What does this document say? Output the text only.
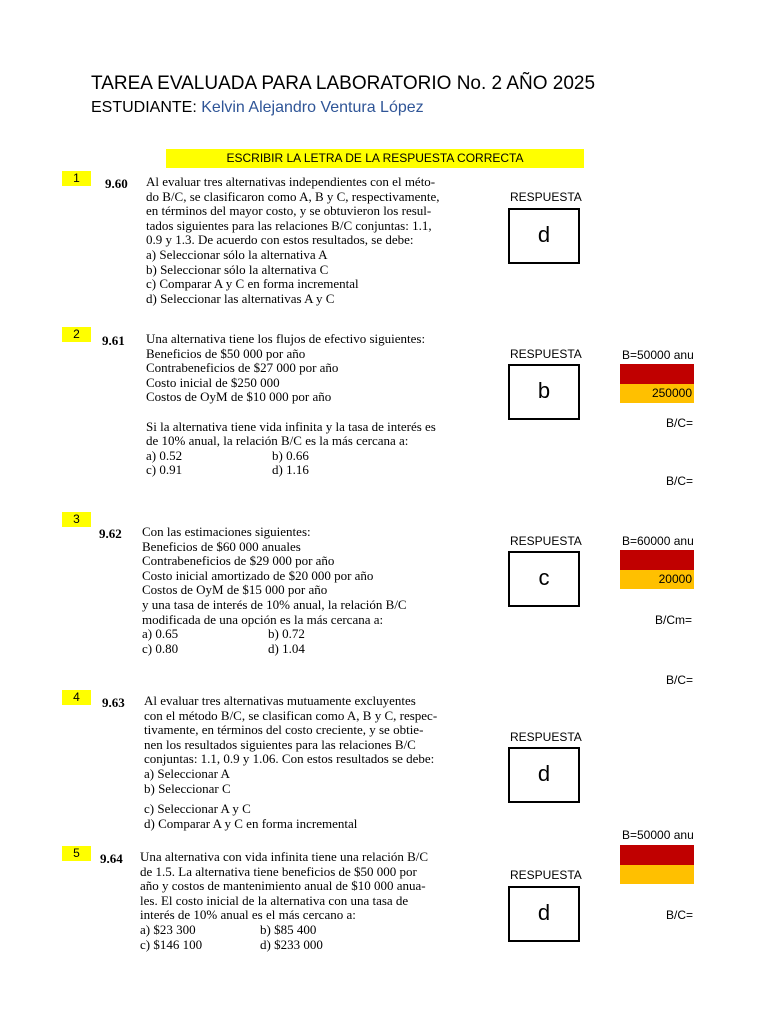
TAREA EVALUADA PARA LABORATORIO No. 2 AÑO 2025
ESTUDIANTE: Kelvin Alejandro Ventura López
ESCRIBIR LA LETRA DE LA RESPUESTA CORRECTA
1	9.60 Al evaluar tres alternativas independientes con el méto-

do B/C, se clasificaron como A, B y C, respectivamente,

en términos del mayor costo, y se obtuvieron los resul-

tados siguientes para las relaciones B/C conjuntas: 1.1,

0.9 y 1.3. De acuerdo con estos resultados, se debe:

a) Seleccionar sólo la alternativa A

b) Seleccionar sólo la alternativa C

c) Comparar A y C en forma incremental

d) Seleccionar las alternativas A y C

RESPUESTA
d
2	9.61 Una alternativa tiene los flujos de efectivo siguientes:

Beneficios de $50 000 por año

Contrabeneficios de $27 000 por año

Costo inicial de $250 000

Costos de OyM de $10 000 por año

Si la alternativa tiene vida infinita y la tasa de interés es

de 10% anual, la relación B/C es la más cercana a:

a) 0.52	b) 0.66
c) 0.91	d) 1.16
RESPUESTA
b
B=50000 anu
250000
B/C=
B/C=
3
9.62 Con las estimaciones siguientes:

Beneficios de $60 000 anuales

Contrabeneficios de $29 000 por año

Costo inicial amortizado de $20 000 por año

Costos de OyM de $15 000 por año

y una tasa de interés de 10% anual, la relación B/C

modificada de una opción es la más cercana a:

a) 0.65	b) 0.72
c) 0.80	d) 1.04
RESPUESTA
c
B=60000 anu
20000
B/Cm=
B/C=
4	9.63 Al evaluar tres alternativas mutuamente excluyentes

con el método B/C, se clasifican como A, B y C, respec-

tivamente, en términos del costo creciente, y se obtie-

nen los resultados siguientes para las relaciones B/C

conjuntas: 1.1, 0.9 y 1.06. Con estos resultados se debe:

a) Seleccionar A

b) Seleccionar C

c) Seleccionar A y C

d) Comparar A y C en forma incremental

RESPUESTA
d
5	9.64 Una alternativa con vida infinita tiene una relación B/C

de 1.5. La alternativa tiene beneficios de $50 000 por

año y costos de mantenimiento anual de $10 000 anua-

les. El costo inicial de la alternativa con una tasa de

interés de 10% anual es el más cercano a:

a) $23 300	b) $85 400
c) $146 100	d) $233 000
RESPUESTA
d
B=50000 anu
B/C=
